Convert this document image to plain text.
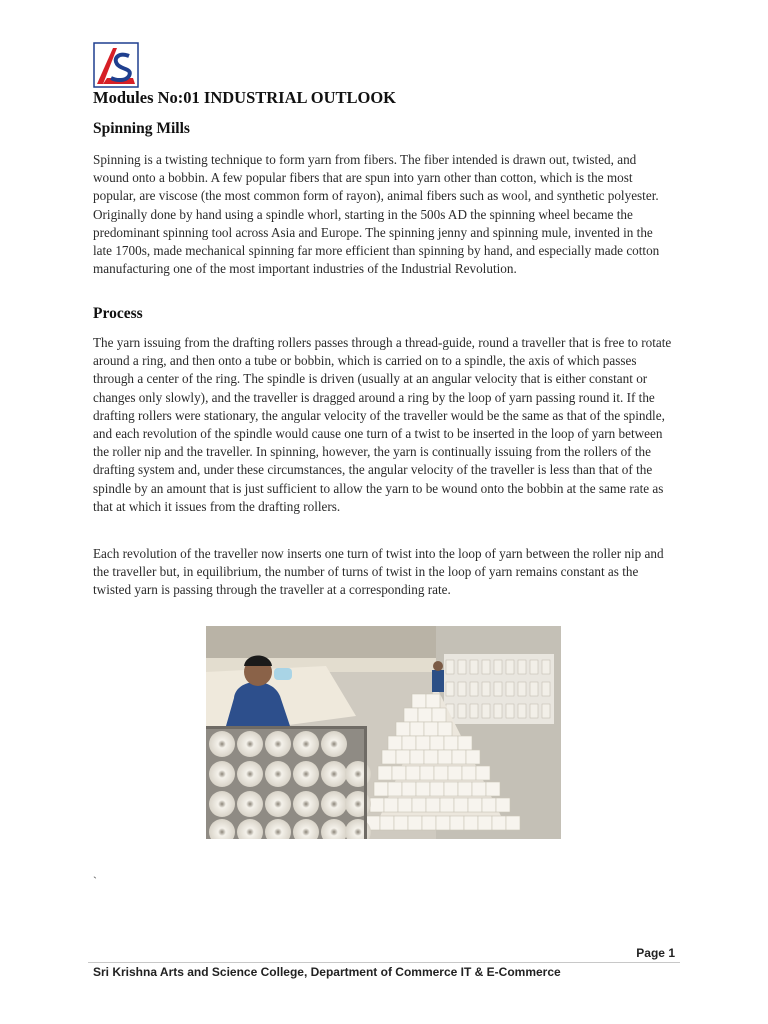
Modules No:01 INDUSTRIAL OUTLOOK
Spinning Mills

Spinning is a twisting technique to form yarn from fibers. The fiber intended is drawn out, twisted, and wound onto a bobbin. A few popular fibers that are spun into yarn other than cotton, which is the most popular, are viscose (the most common form of rayon), animal fibers such as wool, and synthetic polyester. Originally done by hand using a spindle whorl, starting in the 500s AD the spinning wheel became the predominant spinning tool across Asia and Europe. The spinning jenny and spinning mule, invented in the late 1700s, made mechanical spinning far more efficient than spinning by hand, and especially made cotton manufacturing one of the most important industries of the Industrial Revolution.

Process

The yarn issuing from the drafting rollers passes through a thread-guide, round a traveller that is free to rotate around a ring, and then onto a tube or bobbin, which is carried on to a spindle, the axis of which passes through a center of the ring. The spindle is driven (usually at an angular velocity that is either constant or changes only slowly), and the traveller is dragged around a ring by the loop of yarn passing round it. If the drafting rollers were stationary, the angular velocity of the traveller would be the same as that of the spindle, and each revolution of the spindle would cause one turn of a twist to be inserted in the loop of yarn between the roller nip and the traveller. In spinning, however, the yarn is continually issuing from the rollers of the drafting system and, under these circumstances, the angular velocity of the traveller is less than that of the spindle by an amount that is just sufficient to allow the yarn to be wound onto the bobbin at the same rate as that at which it issues from the drafting rollers.

Each revolution of the traveller now inserts one turn of twist into the loop of yarn between the roller nip and the traveller but, in equilibrium, the number of turns of twist in the loop of yarn remains constant as the twisted yarn is passing through the traveller at a corresponding rate.

`
Page 1
Sri Krishna Arts and Science College, Department of Commerce IT & E-Commerce
